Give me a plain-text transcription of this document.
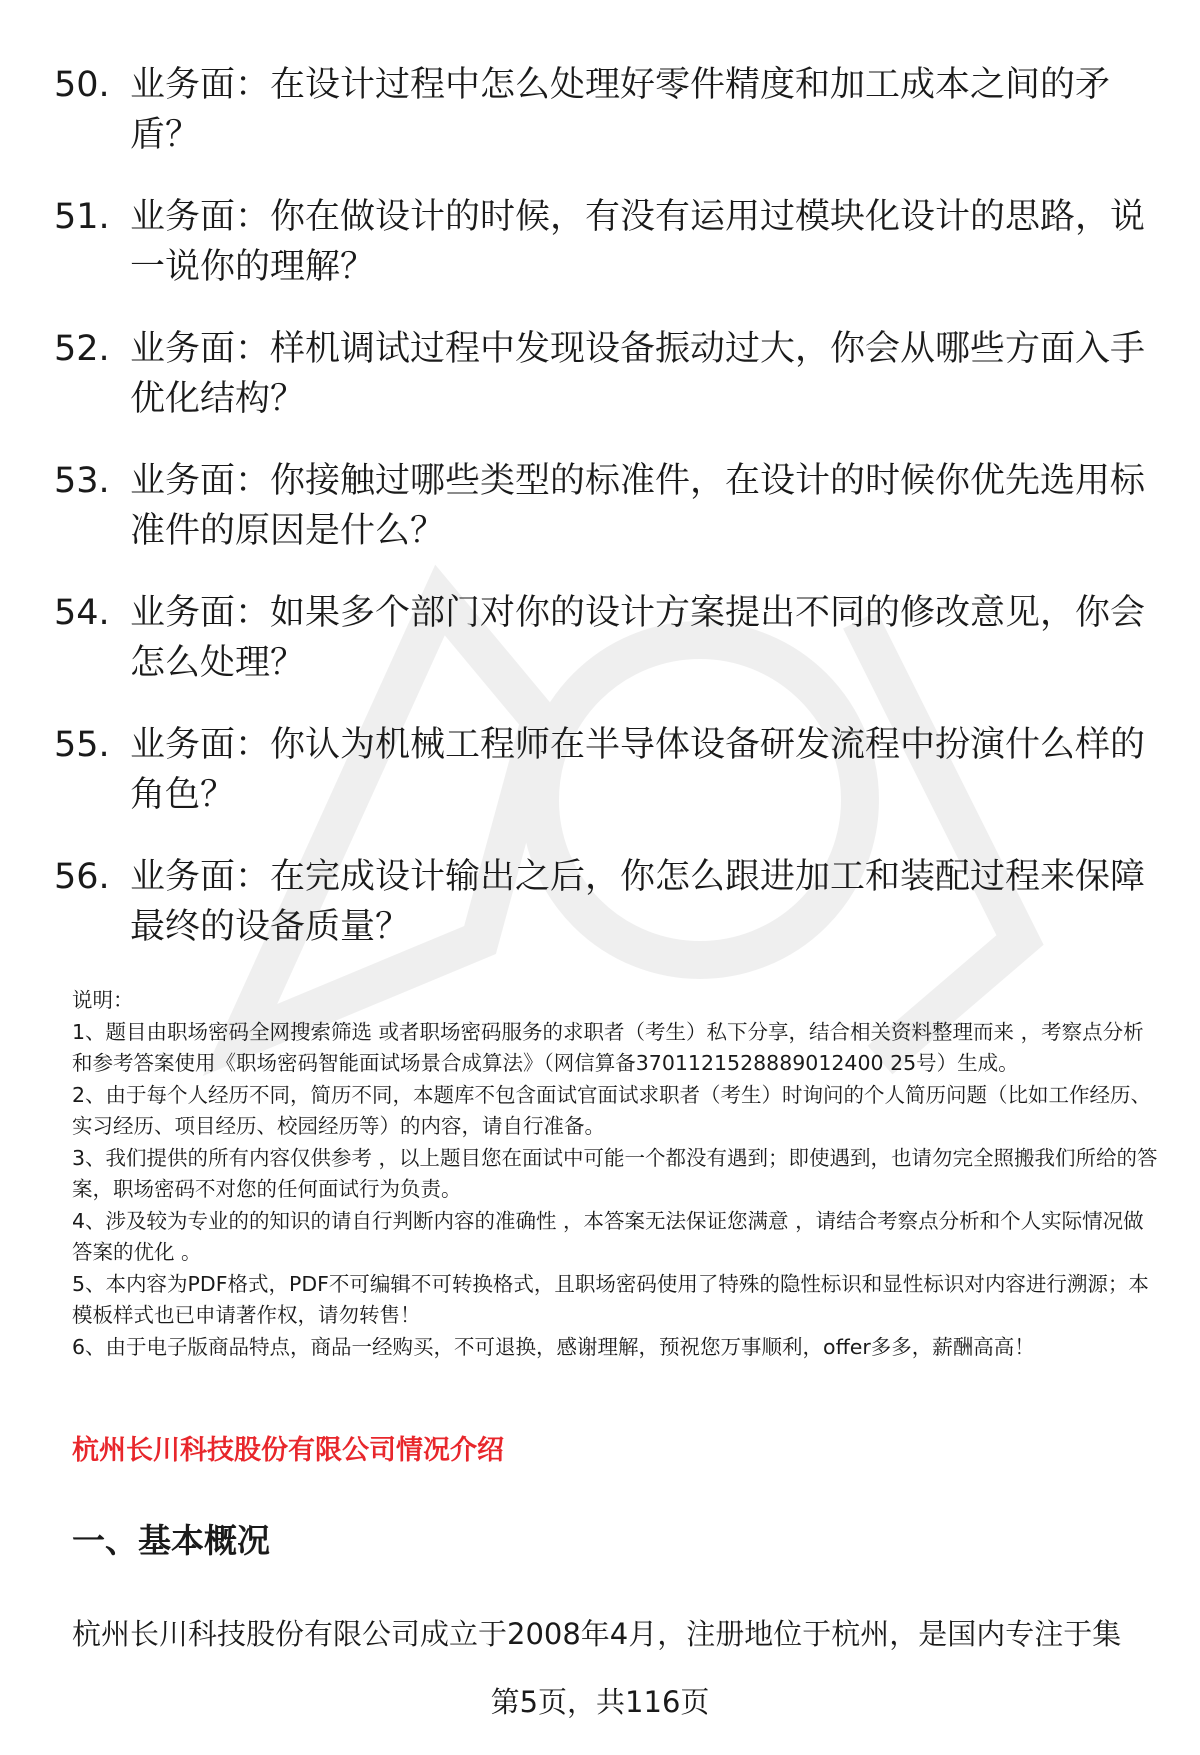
50. 业务面：在设计过程中怎么处理好零件精度和加工成本之间的矛盾？
51. 业务面：你在做设计的时候，有没有运用过模块化设计的思路，说一说你的理解？
52. 业务面：样机调试过程中发现设备振动过大，你会从哪些方面入手优化结构？
53. 业务面：你接触过哪些类型的标准件，在设计的时候你优先选用标准件的原因是什么？
54. 业务面：如果多个部门对你的设计方案提出不同的修改意见，你会怎么处理？
55. 业务面：你认为机械工程师在半导体设备研发流程中扮演什么样的角色？
56. 业务面：在完成设计输出之后，你怎么跟进加工和装配过程来保障最终的设备质量？

说明：

1、题目由职场密码全网搜索筛选 或者职场密码服务的求职者（考生）私下分享，结合相关资料整理而来 ，考察点分析和参考答案使用《职场密码智能面试场景合成算法》（网信算备3701121528889012400 25号）生成。

2、由于每个人经历不同，简历不同，本题库不包含面试官面试求职者（考生）时询问的个人简历问题（比如工作经历、实习经历、项目经历、校园经历等）的内容，请自行准备。

3、我们提供的所有内容仅供参考 ，以上题目您在面试中可能一个都没有遇到；即使遇到，也请勿完全照搬我们所给的答案，职场密码不对您的任何面试行为负责。

4、涉及较为专业的的知识的请自行判断内容的准确性 ，本答案无法保证您满意 ，请结合考察点分析和个人实际情况做答案的优化 。

5、本内容为PDF格式，PDF不可编辑不可转换格式，且职场密码使用了特殊的隐性标识和显性标识对内容进行溯源；本模板样式也已申请著作权，请勿转售！

6、由于电子版商品特点，商品一经购买，不可退换，感谢理解，预祝您万事顺利，offer多多，薪酬高高！

杭州长川科技股份有限公司情况介绍
一、基本概况
杭州长川科技股份有限公司成立于2008年4月，注册地位于杭州，是国内专注于集
第5页，共116页
